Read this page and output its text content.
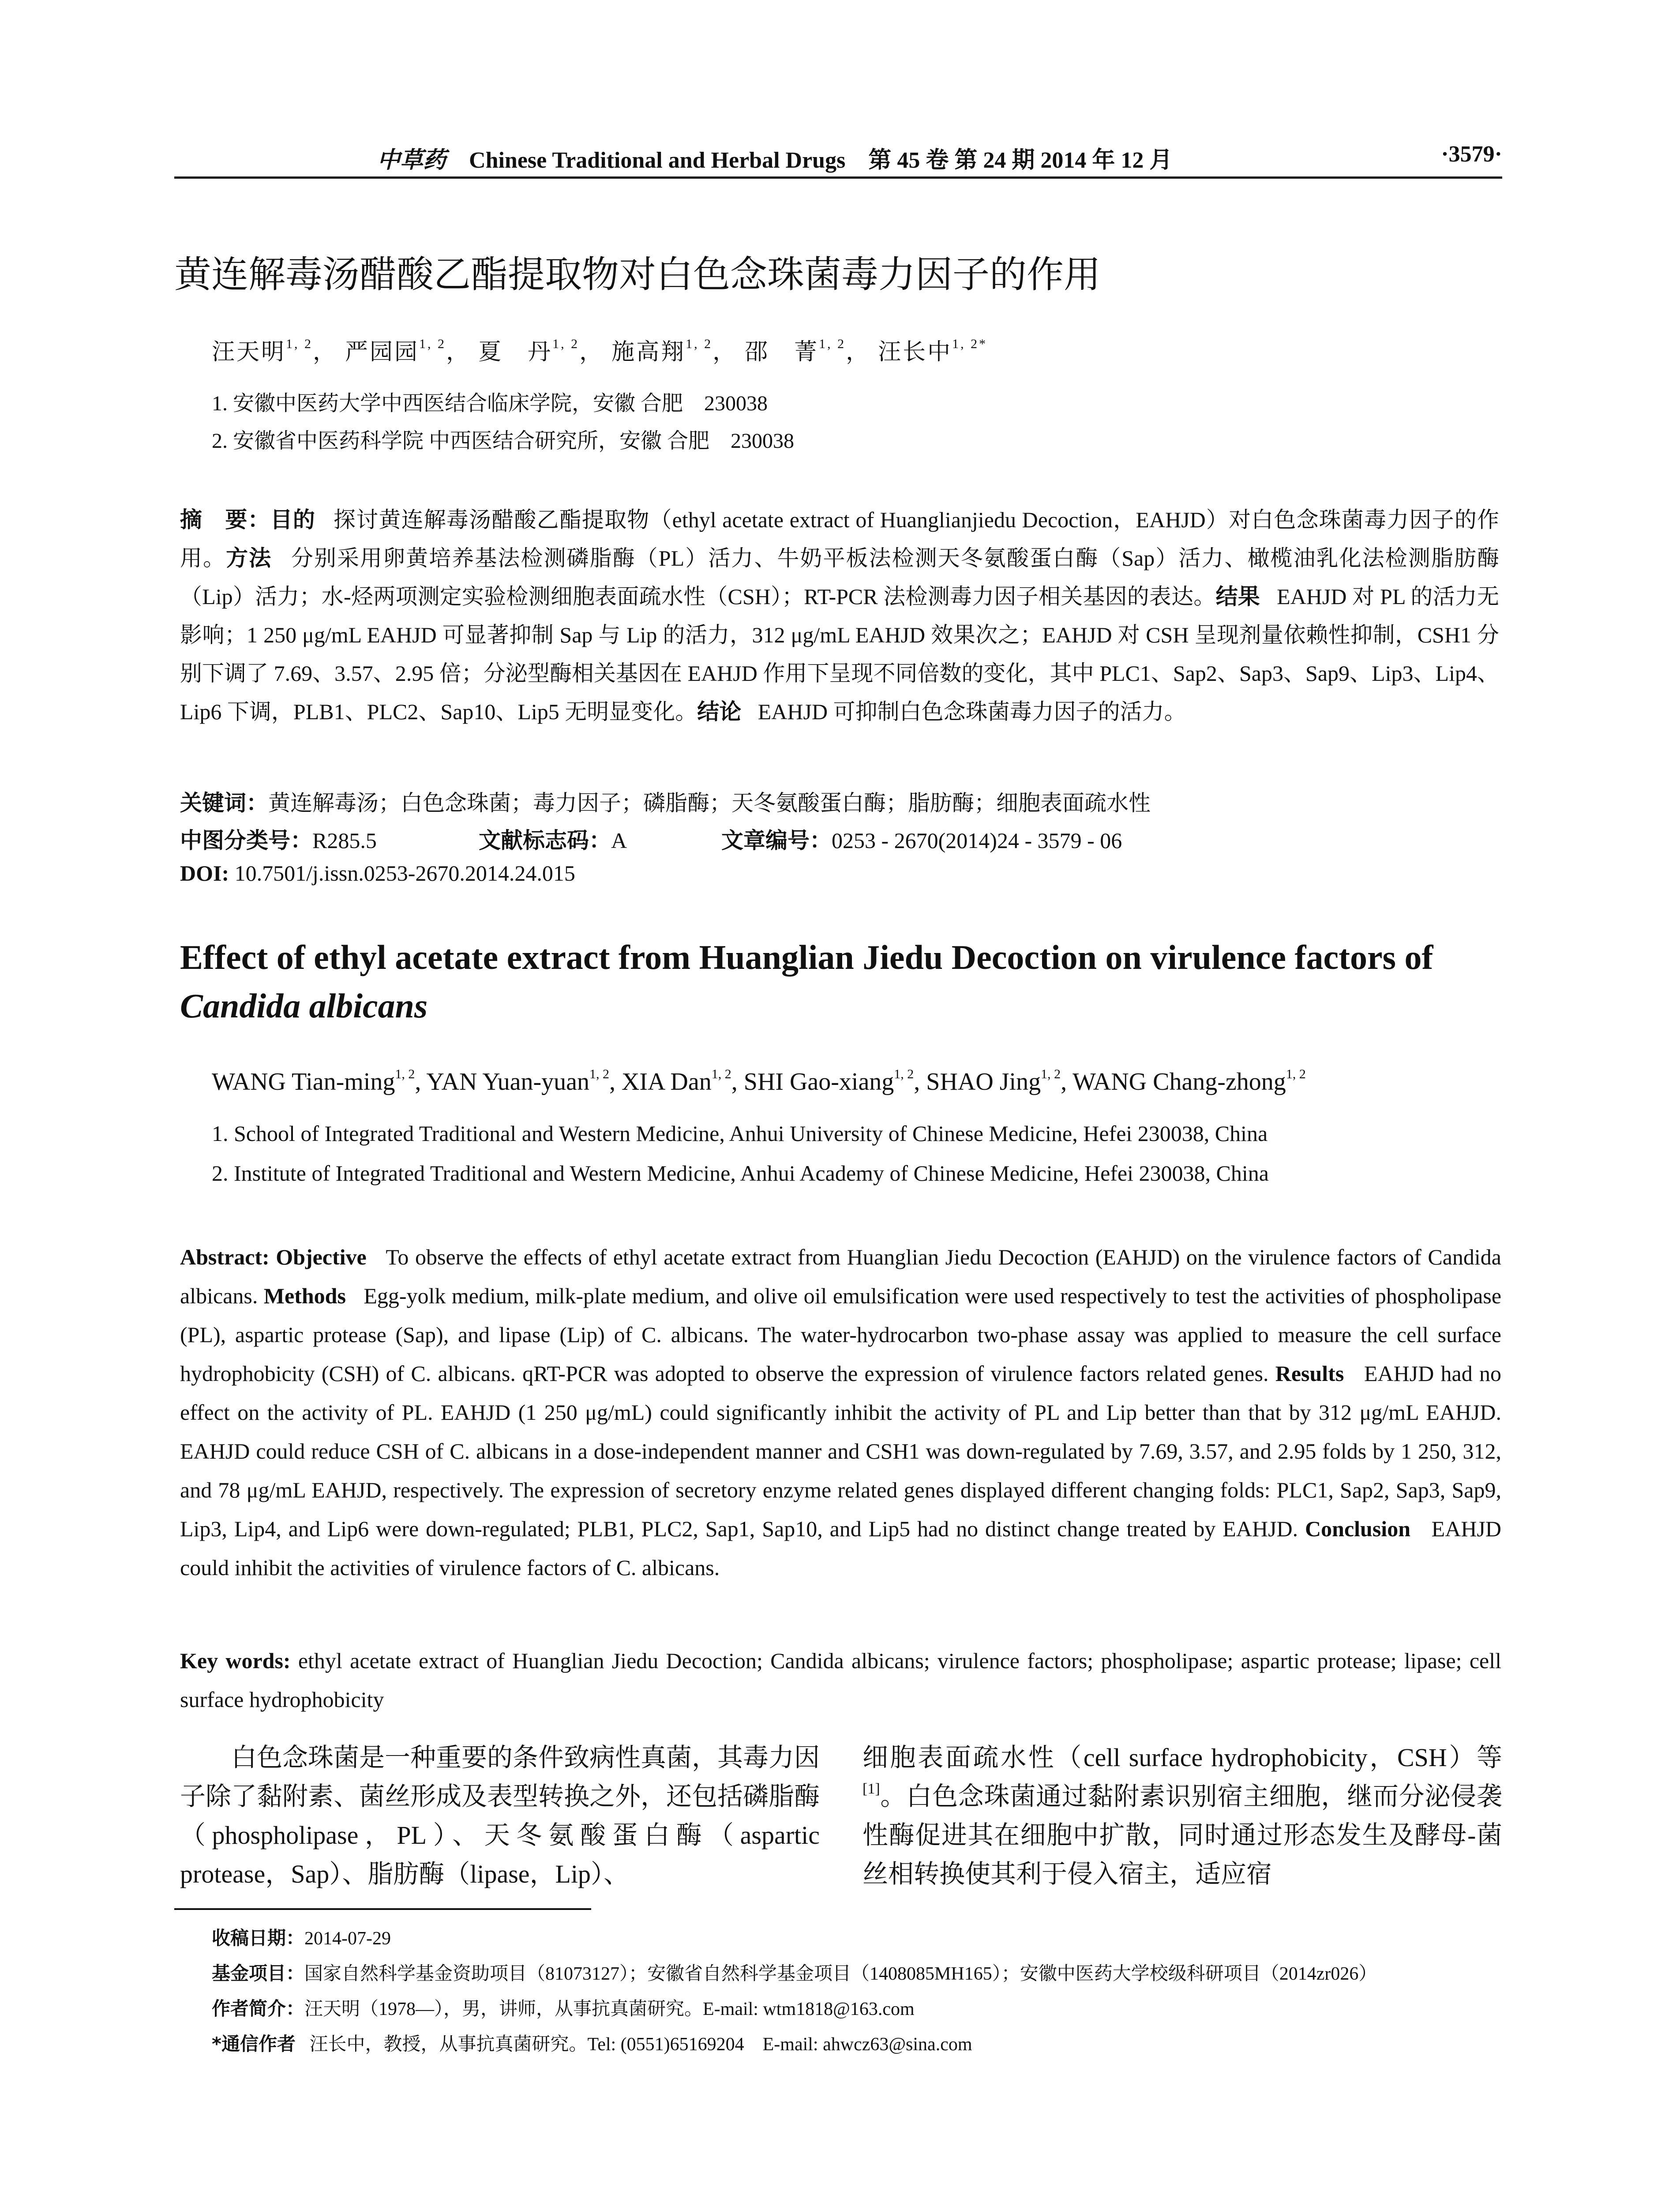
中草药 Chinese Traditional and Herbal Drugs 第 45 卷 第 24 期 2014 年 12 月	·3579·
黄连解毒汤醋酸乙酯提取物对白色念珠菌毒力因子的作用
汪天明$^{1, 2}$， 严园园$^{1, 2}$， 夏　丹$^{1, 2}$， 施高翔$^{1, 2}$， 邵　菁$^{1, 2}$， 汪长中$^{1, 2*}$
1. 安徽中医药大学中西医结合临床学院，安徽 合肥　230038
2. 安徽省中医药科学院 中西医结合研究所，安徽 合肥　230038
摘　要：目的 探讨黄连解毒汤醋酸乙酯提取物（ethyl acetate extract of Huanglianjiedu Decoction，EAHJD）对白色念珠菌毒力因子的作用。方法 分别采用卵黄培养基法检测磷脂酶（PL）活力、牛奶平板法检测天冬氨酸蛋白酶（Sap）活力、橄榄油乳化法检测脂肪酶（Lip）活力；水-烃两项测定实验检测细胞表面疏水性（CSH）；RT-PCR 法检测毒力因子相关基因的表达。结果 EAHJD 对 PL 的活力无影响；1 250 μg/mL EAHJD 可显著抑制 Sap 与 Lip 的活力，312 μg/mL EAHJD 效果次之；EAHJD 对 CSH 呈现剂量依赖性抑制，CSH1 分别下调了 7.69、3.57、2.95 倍；分泌型酶相关基因在 EAHJD 作用下呈现不同倍数的变化，其中 PLC1、Sap2、Sap3、Sap9、Lip3、Lip4、Lip6 下调，PLB1、PLC2、Sap10、Lip5 无明显变化。结论 EAHJD 可抑制白色念珠菌毒力因子的活力。
关键词：黄连解毒汤；白色念珠菌；毒力因子；磷脂酶；天冬氨酸蛋白酶；脂肪酶；细胞表面疏水性
中图分类号：R285.5	文献标志码：A	文章编号：0253 - 2670(2014)24 - 3579 - 06
DOI: 10.7501/j.issn.0253-2670.2014.24.015
Effect of ethyl acetate extract from Huanglian Jiedu Decoction on virulence factors of Candida albicans
WANG Tian-ming$^{1, 2}$, YAN Yuan-yuan$^{1, 2}$, XIA Dan$^{1, 2}$, SHI Gao-xiang$^{1, 2}$, SHAO Jing$^{1, 2}$, WANG Chang-zhong$^{1, 2}$
1. School of Integrated Traditional and Western Medicine, Anhui University of Chinese Medicine, Hefei 230038, China
2. Institute of Integrated Traditional and Western Medicine, Anhui Academy of Chinese Medicine, Hefei 230038, China
Abstract: Objective To observe the effects of ethyl acetate extract from Huanglian Jiedu Decoction (EAHJD) on the virulence factors of Candida albicans. Methods Egg-yolk medium, milk-plate medium, and olive oil emulsification were used respectively to test the activities of phospholipase (PL), aspartic protease (Sap), and lipase (Lip) of C. albicans. The water-hydrocarbon two-phase assay was applied to measure the cell surface hydrophobicity (CSH) of C. albicans. qRT-PCR was adopted to observe the expression of virulence factors related genes. Results EAHJD had no effect on the activity of PL. EAHJD (1 250 μg/mL) could significantly inhibit the activity of PL and Lip better than that by 312 μg/mL EAHJD. EAHJD could reduce CSH of C. albicans in a dose-independent manner and CSH1 was down-regulated by 7.69, 3.57, and 2.95 folds by 1 250, 312, and 78 μg/mL EAHJD, respectively. The expression of secretory enzyme related genes displayed different changing folds: PLC1, Sap2, Sap3, Sap9, Lip3, Lip4, and Lip6 were down-regulated; PLB1, PLC2, Sap1, Sap10, and Lip5 had no distinct change treated by EAHJD. Conclusion EAHJD could inhibit the activities of virulence factors of C. albicans.
Key words: ethyl acetate extract of Huanglian Jiedu Decoction; Candida albicans; virulence factors; phospholipase; aspartic protease; lipase; cell surface hydrophobicity
白色念珠菌是一种重要的条件致病性真菌，其毒力因子除了黏附素、菌丝形成及表型转换之外，还包括磷脂酶（phospholipase，PL）、天冬氨酸蛋白酶（aspartic protease，Sap）、脂肪酶（lipase，Lip）、
细胞表面疏水性（cell surface hydrophobicity，CSH）等[1]。白色念珠菌通过黏附素识别宿主细胞，继而分泌侵袭性酶促进其在细胞中扩散，同时通过形态发生及酵母-菌丝相转换使其利于侵入宿主，适应宿
收稿日期：2014-07-29
基金项目：国家自然科学基金资助项目（81073127）；安徽省自然科学基金项目（1408085MH165）；安徽中医药大学校级科研项目（2014zr026）
作者简介：汪天明（1978—），男，讲师，从事抗真菌研究。E-mail: wtm1818@163.com
*通信作者 汪长中，教授，从事抗真菌研究。Tel: (0551)65169204　E-mail: ahwcz63@sina.com
